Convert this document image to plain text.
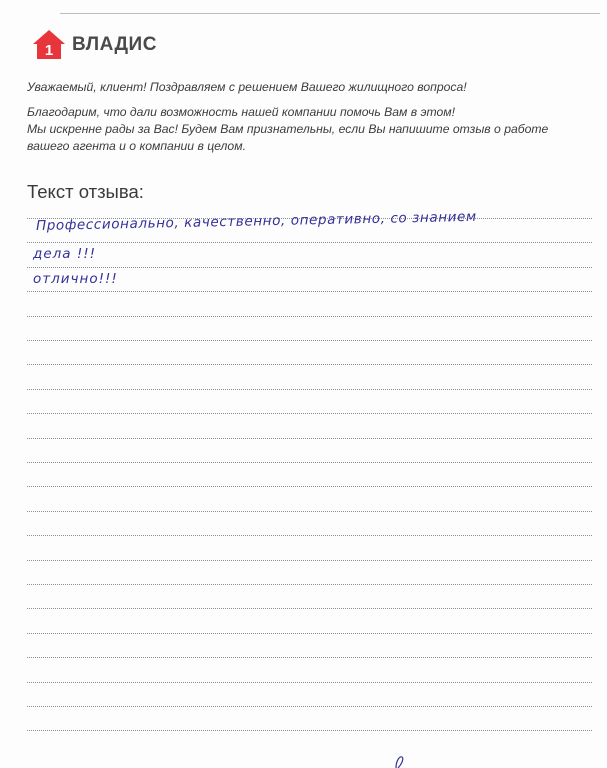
1 ВЛАДИС

Уважаемый, клиент! Поздравляем с решением Вашего жилищного вопроса!

Благодарим, что дали возможность нашей компании помочь Вам в этом!
Мы искренне рады за Вас! Будем Вам признательны, если Вы напишите отзыв о работе
вашего агента и о компании в целом.

Текст отзыва:
Профессионально, качественно, оперативно, со знанием
дела !!!
отлично!!!
